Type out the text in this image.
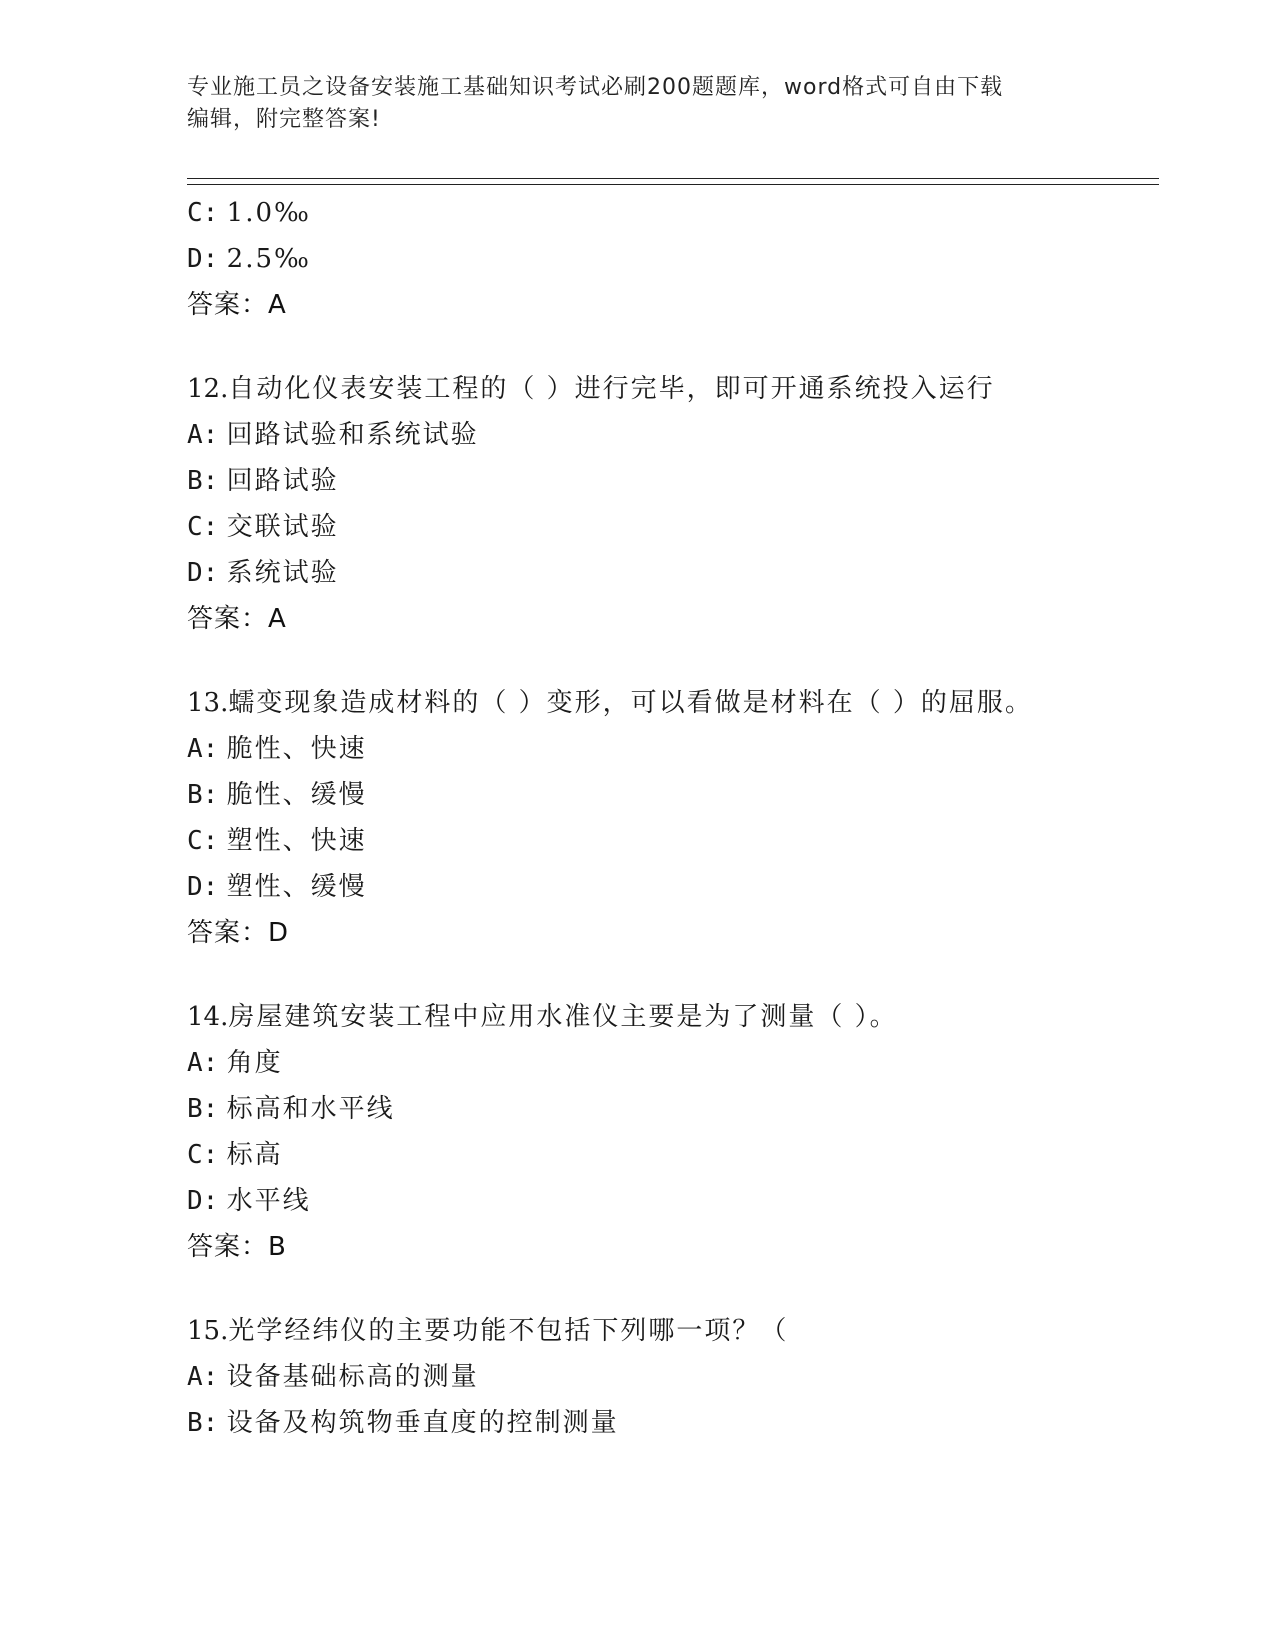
专业施工员之设备安装施工基础知识考试必刷200题题库，word格式可自由下载
编辑，附完整答案!
C: 1.0‰
D: 2.5‰
答案：A
12.自动化仪表安装工程的（ ）进行完毕，即可开通系统投入运行
A: 回路试验和系统试验
B: 回路试验
C: 交联试验
D: 系统试验
答案：A
13.蠕变现象造成材料的（ ）变形，可以看做是材料在（ ）的屈服。
A: 脆性、快速
B: 脆性、缓慢
C: 塑性、快速
D: 塑性、缓慢
答案：D
14.房屋建筑安装工程中应用水准仪主要是为了测量（ ）。
A: 角度
B: 标高和水平线
C: 标高
D: 水平线
答案：B
15.光学经纬仪的主要功能不包括下列哪一项？（
A: 设备基础标高的测量
B: 设备及构筑物垂直度的控制测量
